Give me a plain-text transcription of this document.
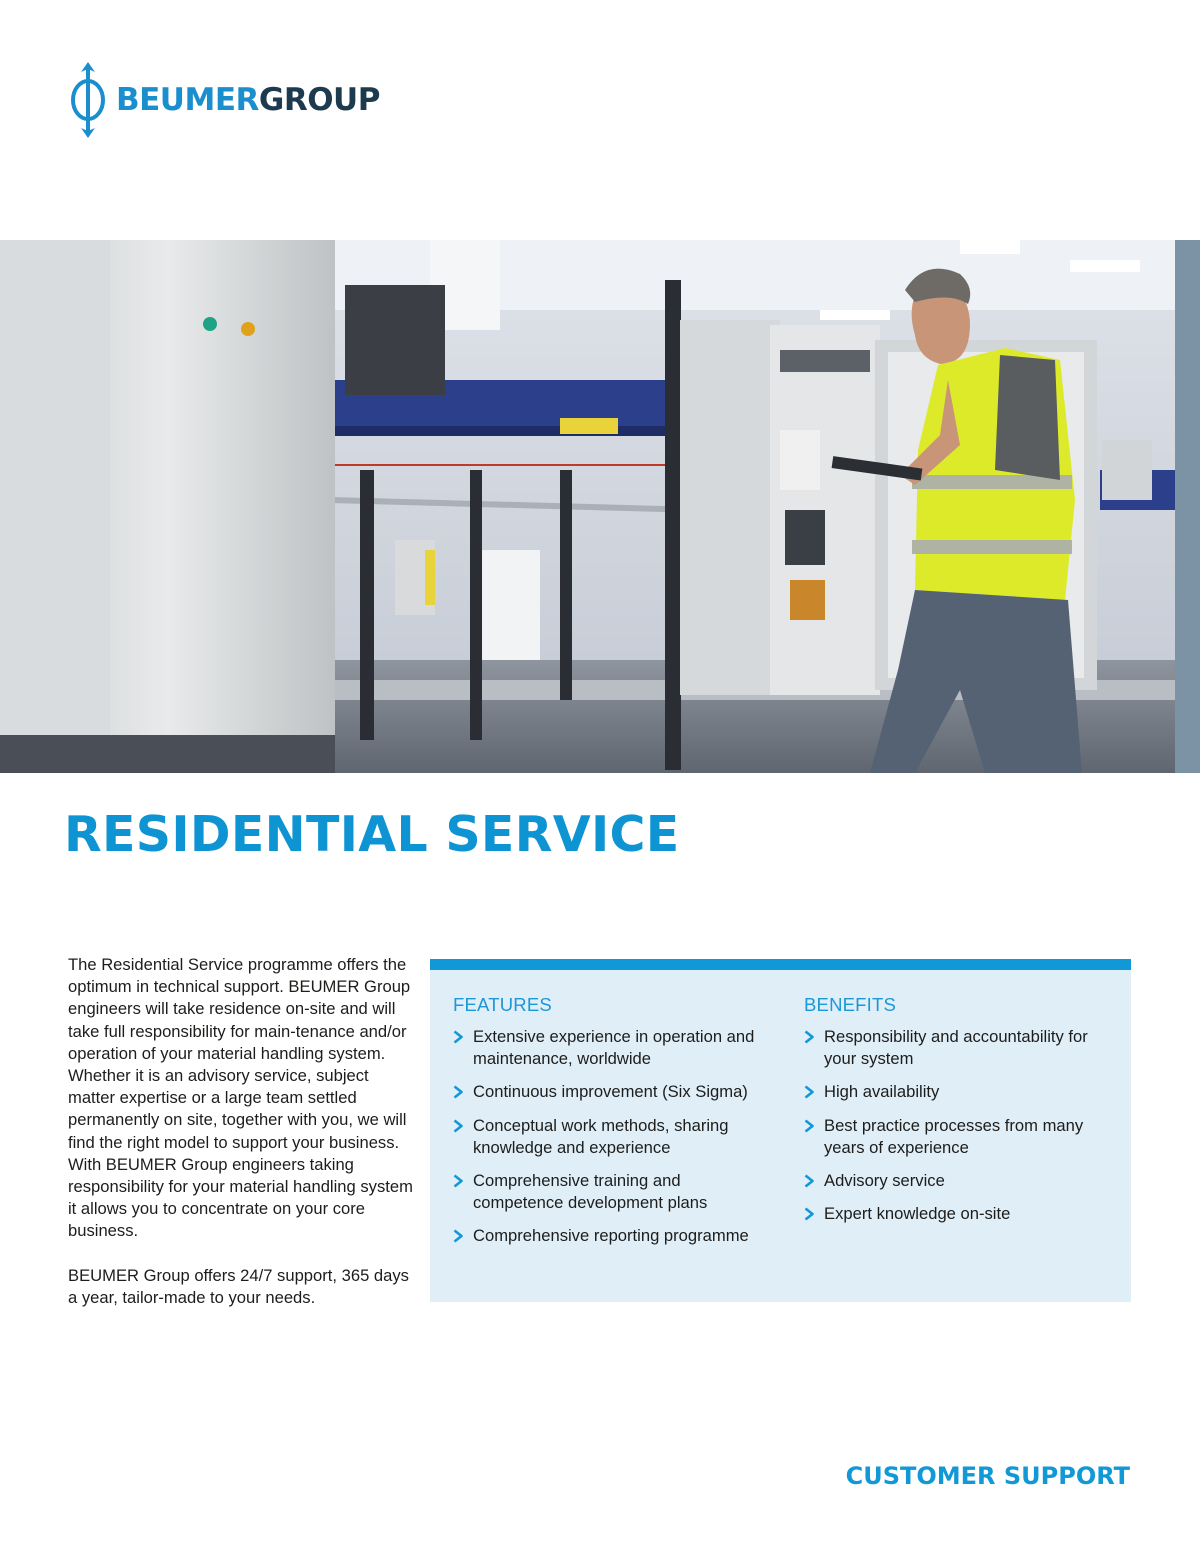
BEUMERGROUP
RESIDENTIAL SERVICE

The Residential Service programme offers the optimum in technical support. BEUMER Group engineers will take residence on-site and will take full responsibility for main-tenance and/or operation of your material handling system. Whether it is an advisory service, subject matter expertise or a large team settled permanently on site, together with you, we will find the right model to support your business. With BEUMER Group engineers taking responsibility for your material handling system it allows you to concentrate on your core business.

BEUMER Group offers 24/7 support, 365 days a year, tailor-made to your needs.

FEATURES
Extensive experience in operation and maintenance, worldwide
Continuous improvement (Six Sigma)
Conceptual work methods, sharing knowledge and experience
Comprehensive training and competence development plans
Comprehensive reporting programme
BENEFITS
Responsibility and accountability for your system
High availability
Best practice processes from many years of experience
Advisory service
Expert knowledge on-site

CUSTOMER SUPPORT
